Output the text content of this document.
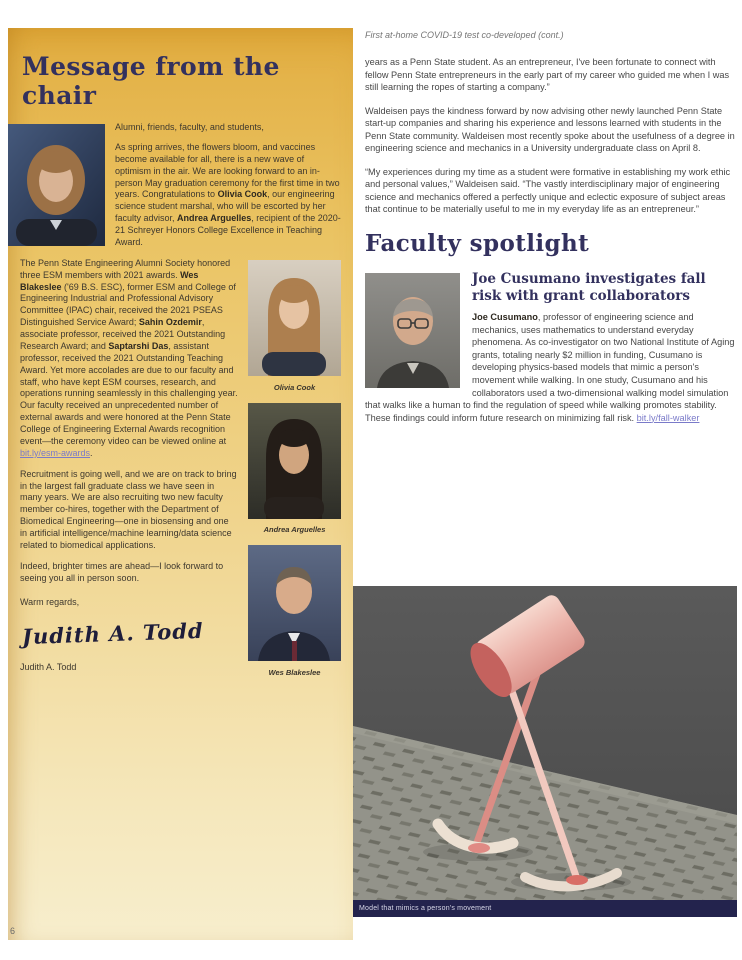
Message from the chair
Alumni, friends, faculty, and students,
As spring arrives, the flowers bloom, and vaccines become available for all, there is a new wave of optimism in the air. We are looking forward to an in-person May graduation ceremony for the first time in two years. Congratulations to Olivia Cook, our engineering science student marshal, who will be escorted by her faculty advisor, Andrea Arguelles, recipient of the 2020-21 Schreyer Honors College Excellence in Teaching Award.
Olivia Cook
Andrea Arguelles
Wes Blakeslee
The Penn State Engineering Alumni Society honored three ESM members with 2021 awards. Wes Blakeslee ('69 B.S. ESC), former ESM and College of Engineering Industrial and Professional Advisory Committee (IPAC) chair, received the 2021 PSEAS Distinguished Service Award; Sahin Ozdemir, associate professor, received the 2021 Outstanding Research Award; and Saptarshi Das, assistant professor, received the 2021 Outstanding Teaching Award. Yet more accolades are due to our faculty and staff, who have kept ESM courses, research, and operations running seamlessly in this challenging year. Our faculty received an unprecedented number of external awards and were honored at the Penn State College of Engineering External Awards recognition event—the ceremony video can be viewed online at bit.ly/esm-awards.
Recruitment is going well, and we are on track to bring in the largest fall graduate class we have seen in many years. We are also recruiting two new faculty member co-hires, together with the Department of Biomedical Engineering—one in biosensing and one in artificial intelligence/machine learning/data science related to biomedical applications.
Indeed, brighter times are ahead—I look forward to seeing you all in person soon.
Warm regards,
Judith A. Todd
Judith A. Todd
6
First at-home COVID-19 test co-developed (cont.)
years as a Penn State student. As an entrepreneur, I've been fortunate to connect with fellow Penn State entrepreneurs in the early part of my career who guided me when I was still learning the ropes of starting a company.”
Waldeisen pays the kindness forward by now advising other newly launched Penn State start-up companies and sharing his experience and lessons learned with students in the Penn State community. Waldeisen most recently spoke about the usefulness of a degree in engineering science and mechanics in a University undergraduate class on April 8.
“My experiences during my time as a student were formative in establishing my work ethic and personal values,” Waldeisen said. “The vastly interdisciplinary major of engineering science and mechanics offered a perfectly unique and eclectic exposure of subject areas that continue to be materially useful to me in my everyday life as an entrepreneur.”
Faculty spotlight
Joe Cusumano investigates fall risk with grant collaborators
Joe Cusumano, professor of engineering science and mechanics, uses mathematics to understand everyday phenomena. As co-investigator on two National Institute of Aging grants, totaling nearly $2 million in funding, Cusumano is developing physics-based models that mimic a person's movement while walking. In one study, Cusumano and his collaborators used a two-dimensional walking model simulation that walks like a human to find the regulation of speed while walking promotes stability. These findings could inform future research on minimizing fall risk. bit.ly/fall-walker
Model that mimics a person's movement
